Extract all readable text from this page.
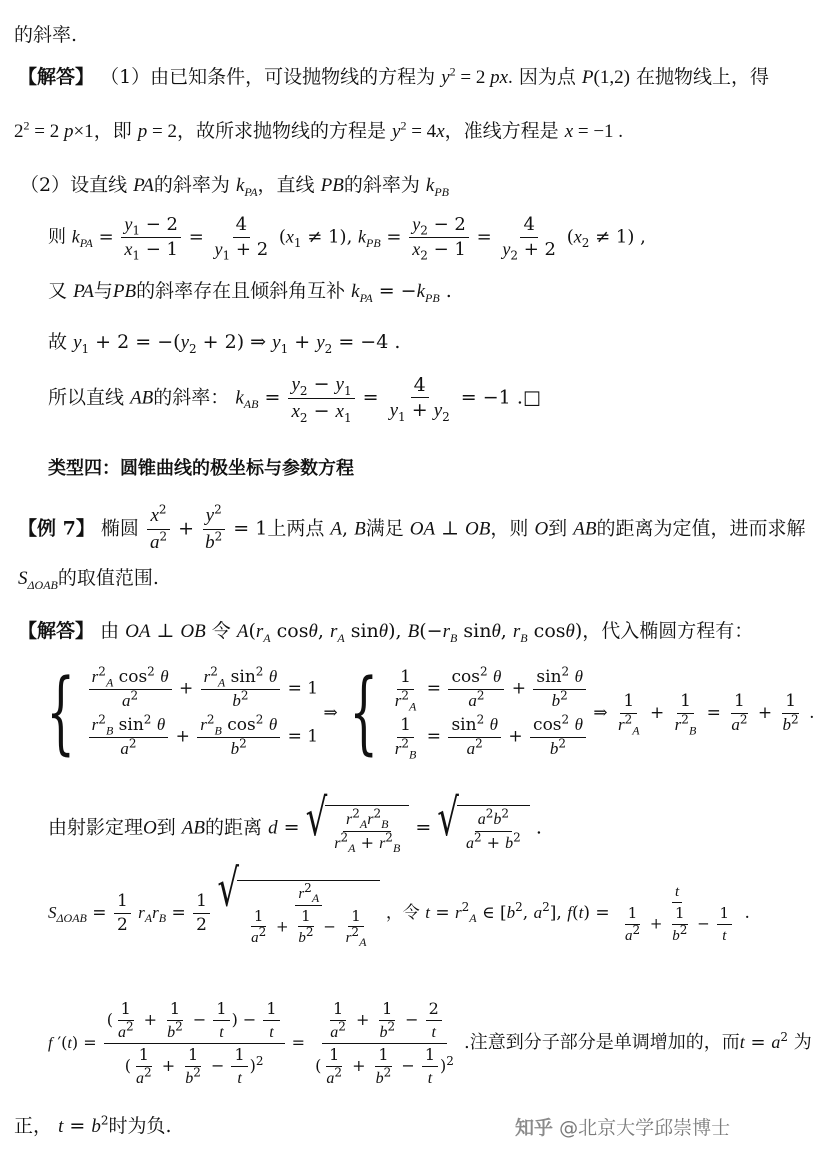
的斜率.
【解答】 （1）由已知条件，可设抛物线的方程为 $y^2 = 2$ px. 因为点 P(1,2) 在抛物线上，得
$2^2 = 2$ p×1，即 p = 2，故所求抛物线的方程是 $y^2 = 4x$，准线方程是 x = −1 .
（2）设直线 PA的斜率为 $k_{PA}$，直线 PB的斜率为 $k_{PB}$
则 $k_{PA} = \frac{y_1 - 2}{x_1 - 1} = \frac{4}{y_1 + 2} (x_1 \ne 1)$, $k_{PB} = \frac{y_2 - 2}{x_2 - 1} = \frac{4}{y_2 + 2} (x_2 \ne 1)$ ,
又 PA与PB的斜率存在且倾斜角互补 $k_{PA} = -k_{PB}$ .
故 $y_1 + 2 = -(y_2 + 2)$ ⇒ $y_1 + y_2 = -4$ .
所以直线 AB的斜率： $k_{AB} = \frac{y_2 - y_1}{x_2 - x_1} = \frac{4}{y_1 + y_2} = -1$ .□
类型四：圆锥曲线的极坐标与参数方程
【例 7】 椭圆 $\frac{x^2}{a^2} + \frac{y^2}{b^2} = 1$上两点 A, B满足 OA ⊥ OB，则 O到 AB的距离为定值，进而求解
$S_{\Delta OAB}$的取值范围.
【解答】 由 OA ⊥ OB 令 $A(r_A$ cosθ, $r_A$ sinθ), $B(-r_B$ sinθ, $r_B$ cosθ)，代入椭圆方程有：
{ $\frac{r^2_A \cos^2 \theta}{a^2} + \frac{r^2_A \sin^2 \theta}{b^2} = 1$
$\frac{r^2_B \sin^2 \theta}{a^2} + \frac{r^2_B \cos^2 \theta}{b^2} = 1$
⇒ { $\frac{1}{r^2_A} = \frac{\cos^2 \theta}{a^2} + \frac{\sin^2 \theta}{b^2}$
$\frac{1}{r^2_B} = \frac{\sin^2 \theta}{a^2} + \frac{\cos^2 \theta}{b^2}$
⇒ $\frac{1}{r^2_A} + \frac{1}{r^2_B} = \frac{1}{a^2} + \frac{1}{b^2}$ .
由射影定理O到 AB的距离 d = √ $\frac{r^2_Ar^2_B}{r^2_A + r^2_B}$ = √ $\frac{a^2b^2}{a^2 + b^2}$ .
$S_{\Delta OAB} = \frac{1}{2} r_Ar_B = \frac{1}{2}$
√ $\frac{r^2_A}{\frac{1}{a^2} + \frac{1}{b^2} - \frac{1}{r^2_A}}$ ，令 $t = r^2_A$ ∈ [$b^2$, $a^2$], $f(t) = \frac{t}{\frac{1}{a^2} + \frac{1}{b^2} - \frac{1}{t}}$ .
f $'(t) = \frac{( \frac{1}{a^2} + \frac{1}{b^2} - \frac{1}{t} ) - \frac{1}{t}}{( \frac{1}{a^2} + \frac{1}{b^2} - \frac{1}{t} )^2} = \frac{\frac{1}{a^2} + \frac{1}{b^2} - \frac{2}{t}}{( \frac{1}{a^2} + \frac{1}{b^2} - \frac{1}{t} )^2}$ .注意到分子部分是单调增加的，而$t = a^2$ 为
正， $t = b^2$时为负.	知乎 @北京大学邱崇博士
